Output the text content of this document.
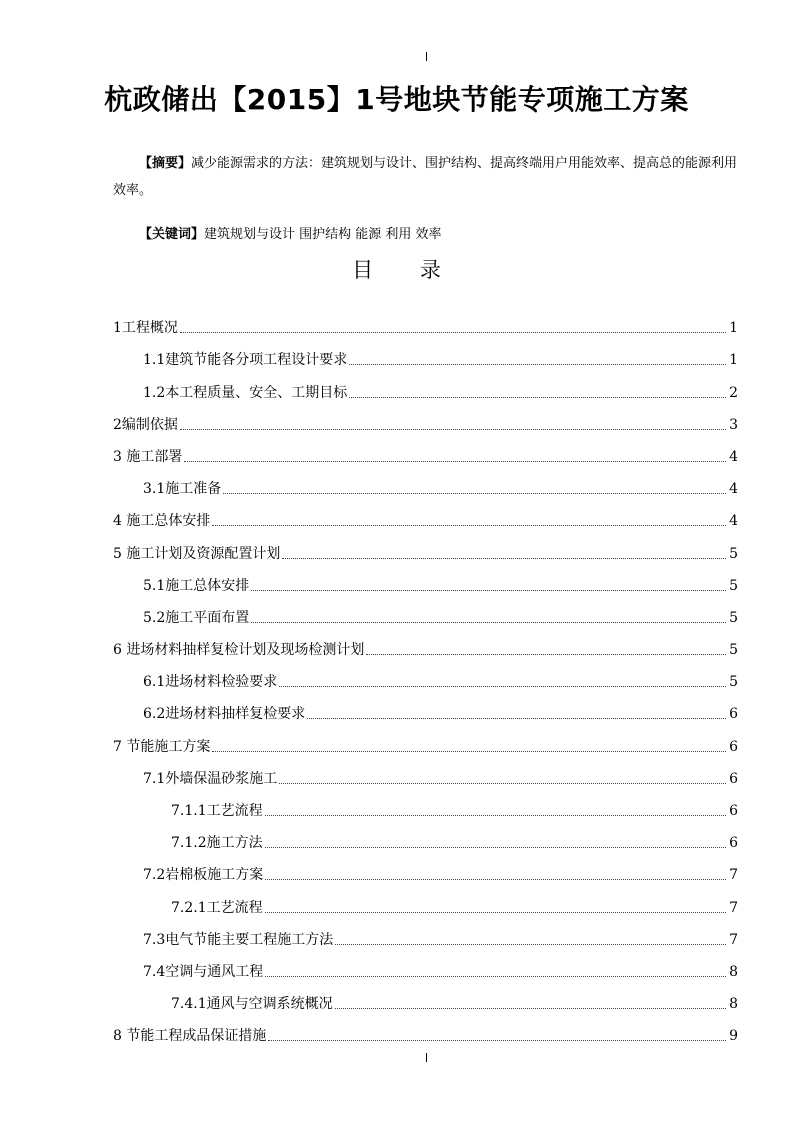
杭政储出【2015】1号地块节能专项施工方案
【摘要】减少能源需求的方法：建筑规划与设计、围护结构、提高终端用户用能效率、提高总的能源利用效率。
【关键词】建筑规划与设计 围护结构 能源 利用 效率
目 录
1工程概况	1
1.1建筑节能各分项工程设计要求	1
1.2本工程质量、安全、工期目标	2
2编制依据	3
3 施工部署	4
3.1施工准备	4
4 施工总体安排	4
5 施工计划及资源配置计划	5
5.1施工总体安排	5
5.2施工平面布置	5
6 进场材料抽样复检计划及现场检测计划	5
6.1进场材料检验要求	5
6.2进场材料抽样复检要求	6
7 节能施工方案	6
7.1外墙保温砂浆施工	6
7.1.1工艺流程	6
7.1.2施工方法	6
7.2岩棉板施工方案	7
7.2.1工艺流程	7
7.3电气节能主要工程施工方法	7
7.4空调与通风工程	8
7.4.1通风与空调系统概况	8
8 节能工程成品保证措施	9
